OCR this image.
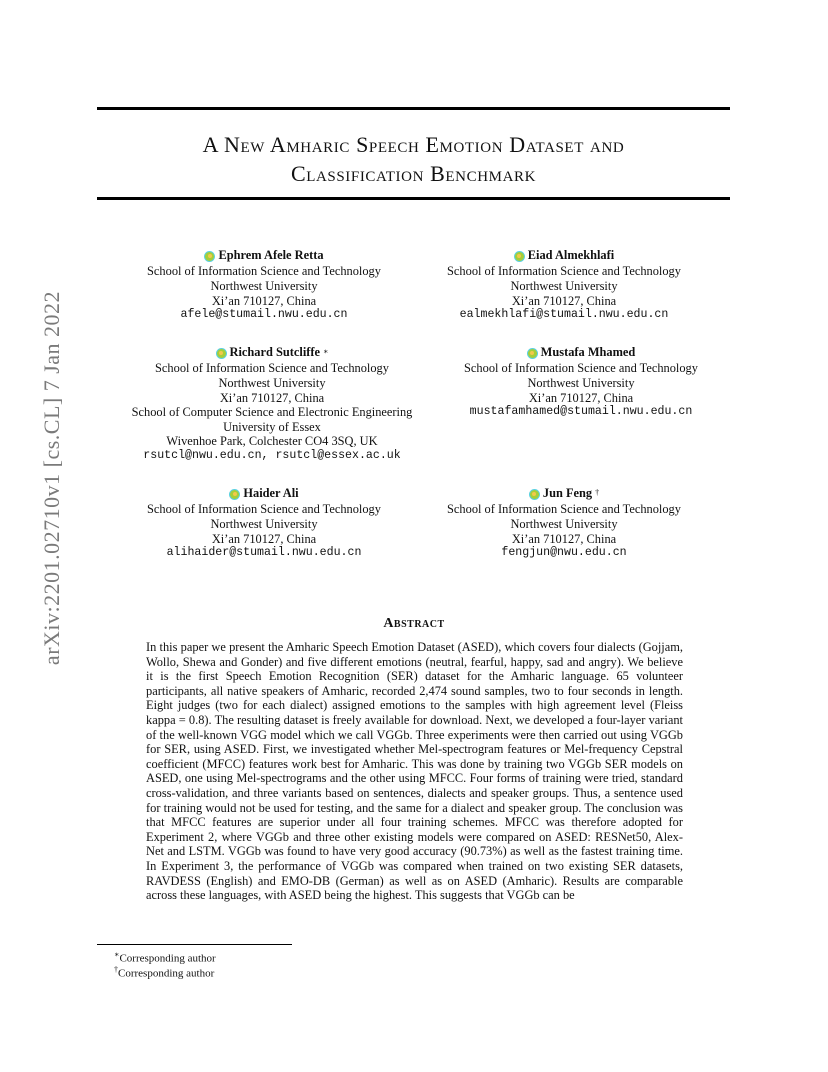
arXiv:2201.02710v1 [cs.CL] 7 Jan 2022
A New Amharic Speech Emotion Dataset and
Classification Benchmark
Ephrem Afele Retta
School of Information Science and Technology
Northwest University
Xi’an 710127, China
afele@stumail.nwu.edu.cn
Eiad Almekhlafi
School of Information Science and Technology
Northwest University
Xi’an 710127, China
ealmekhlafi@stumail.nwu.edu.cn
Richard Sutcliffe ∗
School of Information Science and Technology
Northwest University
Xi’an 710127, China
School of Computer Science and Electronic Engineering
University of Essex
Wivenhoe Park, Colchester CO4 3SQ, UK
rsutcl@nwu.edu.cn, rsutcl@essex.ac.uk
Mustafa Mhamed
School of Information Science and Technology
Northwest University
Xi’an 710127, China
mustafamhamed@stumail.nwu.edu.cn
Haider Ali
School of Information Science and Technology
Northwest University
Xi’an 710127, China
alihaider@stumail.nwu.edu.cn
Jun Feng †
School of Information Science and Technology
Northwest University
Xi’an 710127, China
fengjun@nwu.edu.cn
Abstract

In this paper we present the Amharic Speech Emotion Dataset (ASED), which covers four dialects (Gojjam, Wollo, Shewa and Gonder) and five different emotions (neutral, fearful, happy, sad and angry). We believe it is the first Speech Emotion Recognition (SER) dataset for the Amharic language. 65 volunteer participants, all native speakers of Amharic, recorded 2,474 sound samples, two to four seconds in length. Eight judges (two for each dialect) assigned emotions to the samples with high agreement level (Fleiss kappa = 0.8). The resulting dataset is freely available for download. Next, we developed a four-layer variant of the well-known VGG model which we call VGGb. Three experiments were then carried out using VGGb for SER, using ASED. First, we investigated whether Mel-spectrogram features or Mel-frequency Cepstral coefficient (MFCC) features work best for Amharic. This was done by training two VGGb SER models on ASED, one using Mel-spectrograms and the other using MFCC. Four forms of training were tried, standard cross-validation, and three variants based on sentences, dialects and speaker groups. Thus, a sentence used for training would not be used for testing, and the same for a dialect and speaker group. The conclusion was that MFCC features are superior under all four training schemes. MFCC was therefore adopted for Experiment 2, where VGGb and three other existing models were compared on ASED: RESNet50, Alex-Net and LSTM. VGGb was found to have very good accuracy (90.73%) as well as the fastest training time. In Experiment 3, the performance of VGGb was compared when trained on two existing SER datasets, RAVDESS (English) and EMO-DB (German) as well as on ASED (Amharic). Results are comparable across these languages, with ASED being the highest. This suggests that VGGb can be

∗Corresponding author
†Corresponding author
